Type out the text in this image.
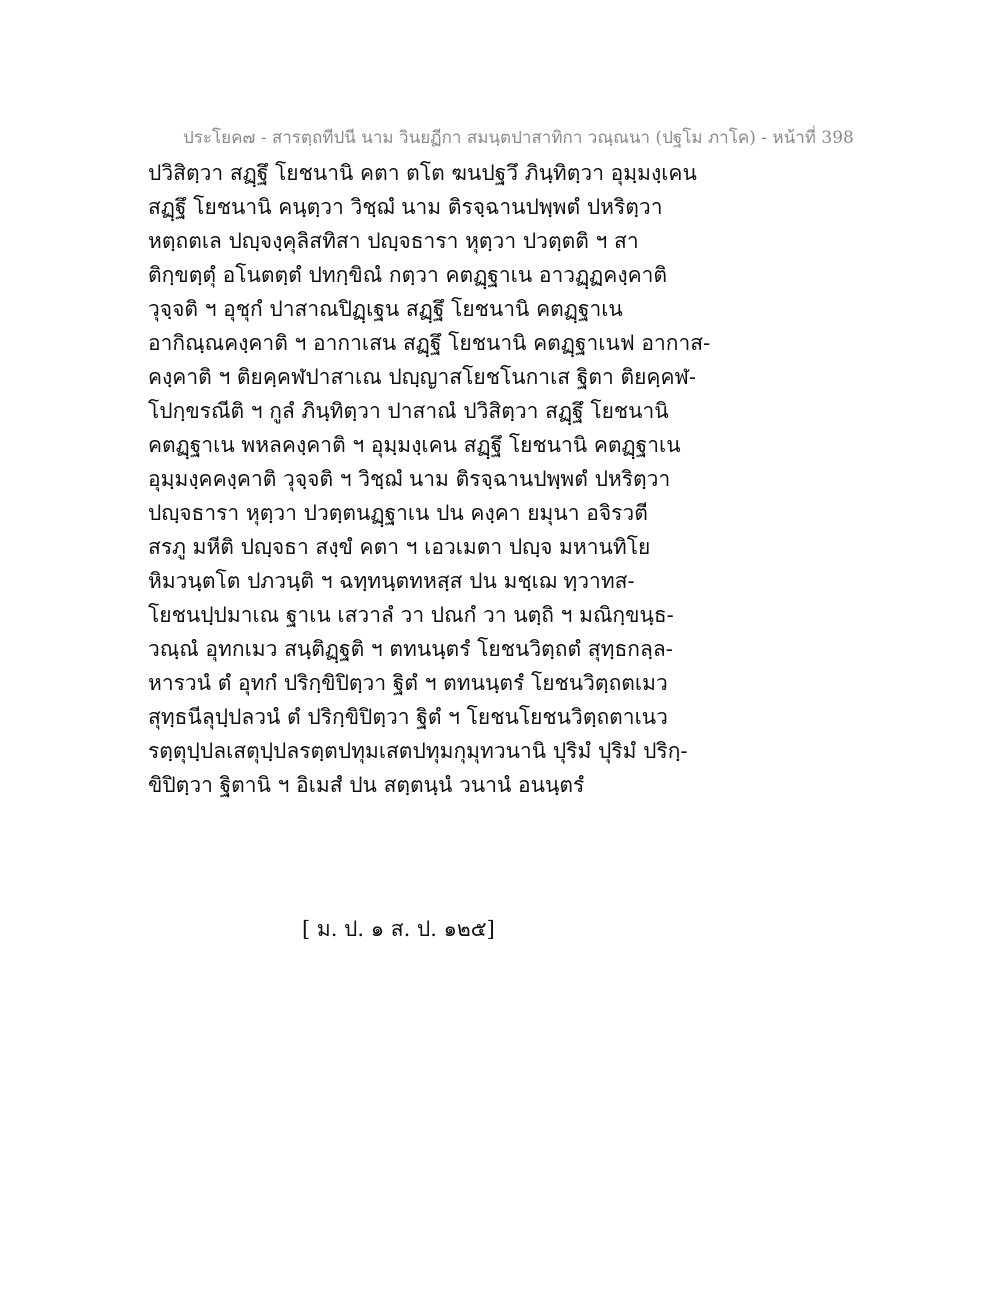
ประโยค๗ - สารตฺถทีปนี นาม วินยฏีกา สมนฺตปาสาทิกา วณฺณนา (ปฐโม ภาโค) - หน้าที่ 398
ปวิสิตฺวา สฏฺฐึ โยชนานิ คตา ตโต ฆนปฐวึ ภินฺทิตฺวา อุมฺมงฺเคน
สฏฺฐึ โยชนานิ คนฺตฺวา วิชฺฌํ นาม ติรจฺฉานปพฺพตํ ปหริตฺวา
หตฺถตเล ปญฺจงฺคุลิสทิสา ปญฺจธารา หุตฺวา ปวตฺตติ ฯ สา
ติกฺขตฺตุํ อโนตตฺตํ ปทกฺขิณํ กตฺวา คตฏฺฐาเน อาวฏฺฏคงฺคาติ
วุจฺจติ ฯ อุชุกํ ปาสาณปิฏฺเฐน สฏฺฐึ โยชนานิ คตฏฺฐาเน
อากิณฺณคงฺคาติ ฯ อากาเสน สฏฺฐึ โยชนานิ คตฏฺฐาเนฟ อากาส-
คงฺคาติ ฯ ติยคฺคฬปาสาเณ ปญฺญาสโยชโนกาเส ฐิตา ติยคฺคฬ-
โปกฺขรณีติ ฯ กูลํ ภินฺทิตฺวา ปาสาณํ ปวิสิตฺวา สฏฺฐึ โยชนานิ
คตฏฺฐาเน พหลคงฺคาติ ฯ อุมฺมงฺเคน สฏฺฐึ โยชนานิ คตฏฺฐาเน
อุมฺมงฺคคงฺคาติ วุจฺจติ ฯ วิชฺฌํ นาม ติรจฺฉานปพฺพตํ ปหริตฺวา
ปญฺจธารา หุตฺวา ปวตฺตนฏฺฐาเน ปน คงฺคา ยมุนา อจิรวตี
สรภู มหีติ ปญฺจธา สงฺขํ คตา ฯ เอวเมตา ปญฺจ มหานทิโย
หิมวนฺตโต ปภวนฺติ ฯ ฉทฺทนฺตทหสฺส ปน มชฺเฌ ทฺวาทส-
โยชนปฺปมาเณ ฐาเน เสวาลํ วา ปณกํ วา นตฺถิ ฯ มณิกฺขนฺธ-
วณฺณํ อุทกเมว สนฺติฏฺฐติ ฯ ตทนนฺตรํ โยชนวิตฺถตํ สุทฺธกลฺล-
หารวนํ ตํ อุทกํ ปริกฺขิปิตฺวา ฐิตํ ฯ ตทนนฺตรํ โยชนวิตฺถตเมว
สุทฺธนีลุปฺปลวนํ ตํ ปริกฺขิปิตฺวา ฐิตํ ฯ โยชนโยชนวิตฺถตาเนว
รตฺตุปฺปลเสตุปฺปลรตฺตปทุมเสตปทุมกุมุทวนานิ ปุริมํ ปุริมํ ปริกฺ-
ขิปิตฺวา ฐิตานิ ฯ อิเมสํ ปน สตฺตนฺนํ วนานํ อนนฺตรํ
[ ม. ป. ๑ ส. ป. ๑๒๕]
